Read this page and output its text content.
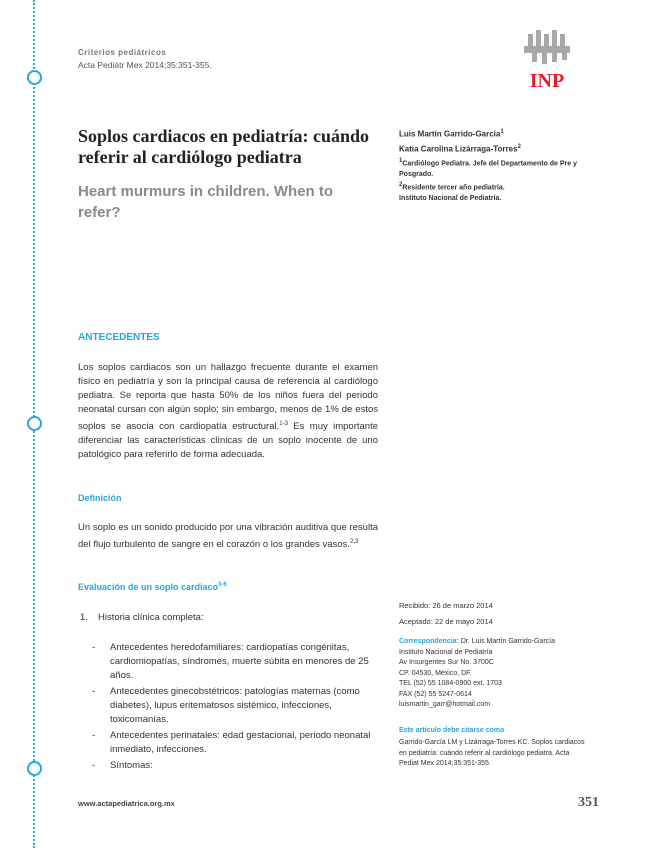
Criterios pediátricos
Acta Pediátr Mex 2014;35:351-355.
INP
Soplos cardiacos en pediatría: cuándo referir al cardiólogo pediatra
Heart murmurs in children. When to refer?
Luis Martín Garrido-García$^1$
Katia Carolina Lizárraga-Torres$^2$
$^1$Cardiólogo Pediatra. Jefe del Departamento de Pre y Posgrado.
$^2$Residente tercer año pediatría.
Instituto Nacional de Pediatría.
ANTECEDENTES

Los soplos cardiacos son un hallazgo frecuente durante el examen físico en pediatría y son la principal causa de referencia al cardiólogo pediatra. Se reporta que hasta 50% de los niños fuera del periodo neonatal cursan con algún soplo; sin embargo, menos de 1% de estos soplos se asocia con cardiopatía estructural.$^{1-3}$ Es muy importante diferenciar las características clínicas de un soplo inocente de uno patológico para referirlo de forma adecuada.

Definición

Un soplo es un sonido producido por una vibración auditiva que resulta del flujo turbulento de sangre en el corazón o los grandes vasos.$^{2,3}$

Evaluación de un soplo cardiaco$^{3-6}$
1. Historia clínica completa:
- Antecedentes heredofamiliares: cardiopatías congénitas, cardiomiopatías, síndromes, muerte súbita en menores de 25 años.
- Antecedentes ginecobstétricos: patologías maternas (como diabetes), lupus eritematosos sistémico, infecciones, toxicomanías.
- Antecedentes perinatales: edad gestacional, periodo neonatal inmediato, infecciones.
- Síntomas:
Recibido: 26 de marzo 2014
Aceptado: 22 de mayo 2014
Correspondencia: Dr. Luis Martín Garrido-García
Instituto Nacional de Pediatría
Av Insurgentes Sur No. 3700C
CP. 04530, México, DF.
TEL (52) 55 1084-0900 ext. 1703
FAX (52) 55 5247-0614
luismartin_garr@hotmail.com
Este artículo debe citarse como
Garrido-García LM y Lizárraga-Torres KC. Soplos cardiacos en pediatría: cuándo referir al cardiólogo pediatra. Acta Pediat Mex 2014;35:351-355.
www.actapediatrica.org.mx	351
